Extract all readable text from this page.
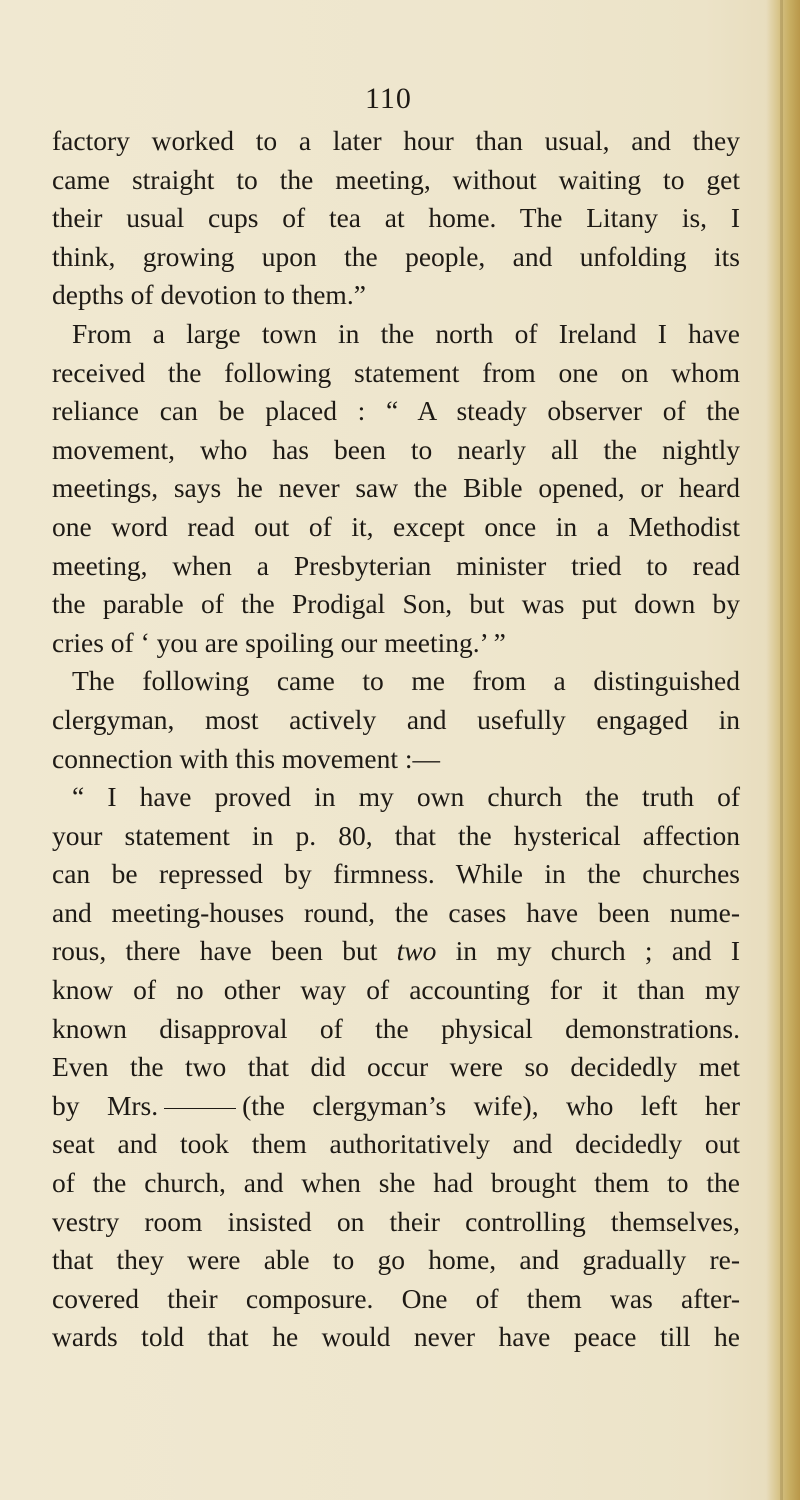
110
factory worked to a later hour than usual, and they
came straight to the meeting, without waiting to get
their usual cups of tea at home. The Litany is, I
think, growing upon the people, and unfolding its
depths of devotion to them.”
From a large town in the north of Ireland I have
received the following statement from one on whom
reliance can be placed : “ A steady observer of the
movement, who has been to nearly all the nightly
meetings, says he never saw the Bible opened, or heard
one word read out of it, except once in a Methodist
meeting, when a Presbyterian minister tried to read
the parable of the Prodigal Son, but was put down by
cries of ‘ you are spoiling our meeting.’ ”
The following came to me from a distinguished
clergyman, most actively and usefully engaged in
connection with this movement :—
“ I have proved in my own church the truth of
your statement in p. 80, that the hysterical affection
can be repressed by firmness. While in the churches
and meeting-houses round, the cases have been nume-
rous, there have been but two in my church ; and I
know of no other way of accounting for it than my
known disapproval of the physical demonstrations.
Even the two that did occur were so decidedly met
by Mrs.	(the clergyman’s wife), who left her
seat and took them authoritatively and decidedly out
of the church, and when she had brought them to the
vestry room insisted on their controlling themselves,
that they were able to go home, and gradually re-
covered their composure. One of them was after-
wards told that he would never have peace till he
